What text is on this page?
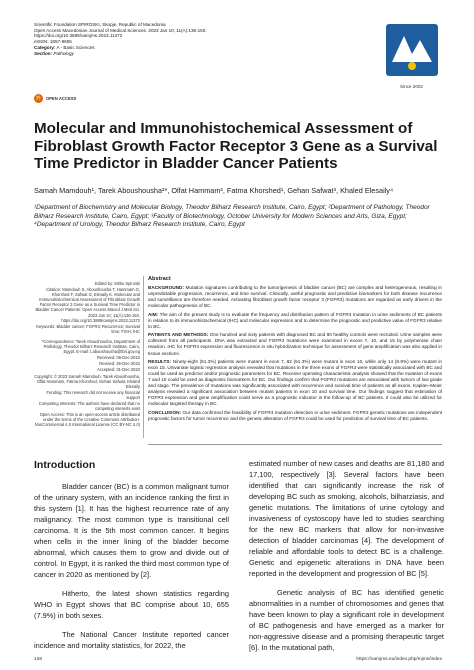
Scientific Foundation SPIROSKI, Skopje, Republic of Macedonia
Open Access Macedonian Journal of Medical Sciences. 2023 Jan 10; 11(A):136-150.
https://doi.org/10.3889/oamjms.2023.11372
eISSN: 1857-9655
Category: A - Basic Sciences
Section: Pathology
Since 2002
🔓 OPEN ACCESS
Molecular and Immunohistochemical Assessment of Fibroblast Growth Factor Receptor 3 Gene as a Survival Time Predictor in Bladder Cancer Patients
Samah Mamdouh¹, Tarek Aboushousha²*, Olfat Hammam², Fatma Khorshed¹, Gehan Safwat³, Khaled Elesaily⁴
¹Department of Biochemistry and Molecular Biology, Theodor Bilharz Research Institute, Cairo, Egypt; ²Department of Pathology, Theodor Bilharz Research Institute, Cairo, Egypt; ³Faculty of Biotechnology, October University for Modern Sciences and Arts, Giza, Egypt; ⁴Department of Urology, Theodor Bilharz Research Institute, Cairo, Egypt

Edited by: Mirko Spiroski

Citation: Mamdouh S, Aboushousha T, Hammam O, Khorshed F, Safwat G, Elesaily K. Molecular and Immunohistochemical Assessment of Fibroblast Growth Factor Receptor 3 Gene as a Survival Time Predictor in Bladder Cancer Patients. Open Access Maced J Med Sci. 2023 Jan 10; 11(A):136-150. https://doi.org/10.3889/oamjms.2023.11372

Keywords: Bladder cancer; FGFR3; Recurrence; Survival time; FISH; IHC

*Correspondence: Tarek Aboushousha, Department of Pathology, Theodor Bilharz Research Institute, Cairo, Egypt. E-mail: t.aboushousha@tbri.gov.eg

Received: 08-Dec-2022

Revised: 26-Dec-2022

Accepted: 31-Dec-2022

Copyright: © 2023 Samah Mamdouh, Tarek Aboushousha, Olfat Hammam, Fatma Khorshed, Gehan Safwat, Khaled Elesaily

Funding: This research did not receive any financial support

Competing Interests: The authors have declared that no competing interests exist

Open Access: This is an open-access article distributed under the terms of the Creative Commons Attribution-NonCommercial 4.0 International License (CC BY-NC 4.0)

Abstract

BACKGROUND: Mutation signatures contributing to the tumorigenesis of bladder cancer (BC) are complex and heterogeneous, resulting in unpredictable progression, recurrence, and time survival. Clinically, useful prognostic and predictive biomarkers for both disease recurrence and surveillance are therefore needed. Activating fibroblast growth factor receptor 3 (FGFR3) mutations are regarded as early drivers in the molecular pathogenesis of BC.

AIM: The aim of the present study is to evaluate the frequency and distribution pattern of FGFR3 mutation in urine sediments of BC patients in relation to its immunohistochemical (IHC) and molecular expression and to determine the prognostic and predictive value of FGFR3 relative to BC.

PATIENTS AND METHODS: One hundred and sixty patients with diagnosed BC and 80 healthy controls were recruited. Urine samples were collected from all participants. DNA was extracted and FGFR3 mutations were examined in exons 7, 10, and 15 by polymerase chain reaction. IHC for FGFR3 expression and fluorescence in situ hybridization technique for assessment of gene amplification was also applied in tissue sections.

RESULTS: Ninety-eight (61.3%) patients were mutant in exon 7, 82 (51.3%) were mutant in exon 10, while only 14 (8.8%) were mutant in exon 15. Univariate logistic regression analysis revealed that mutations in the three exons of FGFR3 were statistically associated with BC and could be used as predictor and/or prognostic parameters for BC. Receiver operating characteristic analysis showed that the mutation of exons 7 and 10 could be used as diagnostic biomarkers for BC. Our findings confirm that FGFR3 mutations are associated with tumors of low grade and stage. The prevalence of mutations was significantly associated with recurrence and survival time of patients as all exons. Kaplan–Meier analysis revealed a significant association between mutant patients in exon 10 and survival time. Our findings suggest that estimation of FGFR3 expression and gene amplification could serve as a prognostic indicator in the follow-up of BC patients. It could also be utilized for molecular targeted therapy in BC.

CONCLUSION: Our data confirmed the feasibility of FGFR3 mutation detection in urine sediment. FGFR3 genetic mutations are independent prognostic factors for tumor recurrence and the genetic alteration of FGFR3 could be used for prediction of survival time of BC patients.

Introduction

Bladder cancer (BC) is a common malignant tumor of the urinary system, with an incidence ranking the first in this system [1]. It has the highest recurrence rate of any malignancy. The most common type is transitional cell carcinoma. It is the 5th most common cancer. It begins when cells in the inner lining of the bladder become abnormal, which causes them to grow and divide out of control. In Egypt, it is ranked the third most common type of cancer in 2020 as mentioned by [2].

Hitherto, the latest shown statistics regarding WHO in Egypt shows that BC comprise about 10, 655 (7.9%) in both sexes.

The National Cancer Institute reported cancer incidence and mortality statistics, for 2022, the

estimated number of new cases and deaths are 81,180 and 17,100, respectively [3]. Several factors have been identified that can significantly increase the risk of developing BC such as smoking, alcohols, bilharziasis, and genetic mutations. The limitations of urine cytology and invasiveness of cystoscopy have led to studies searching for the new BC markers that allow for non-invasive detection of bladder carcinomas [4]. The development of reliable and affordable tools to detect BC is a challenge. Genetic and epigenetic alterations in DNA have been reported in the development and progression of BC [5].

Genetic analysis of BC has identified genetic abnormalities in a number of chromosomes and genes that have been known to play a significant role in development of BC pathogenesis and have emerged as a marker for non-aggressive disease and a promising therapeutic target [6]. In the mutational path,

138	https://oamjms.eu/index.php/mjms/index
